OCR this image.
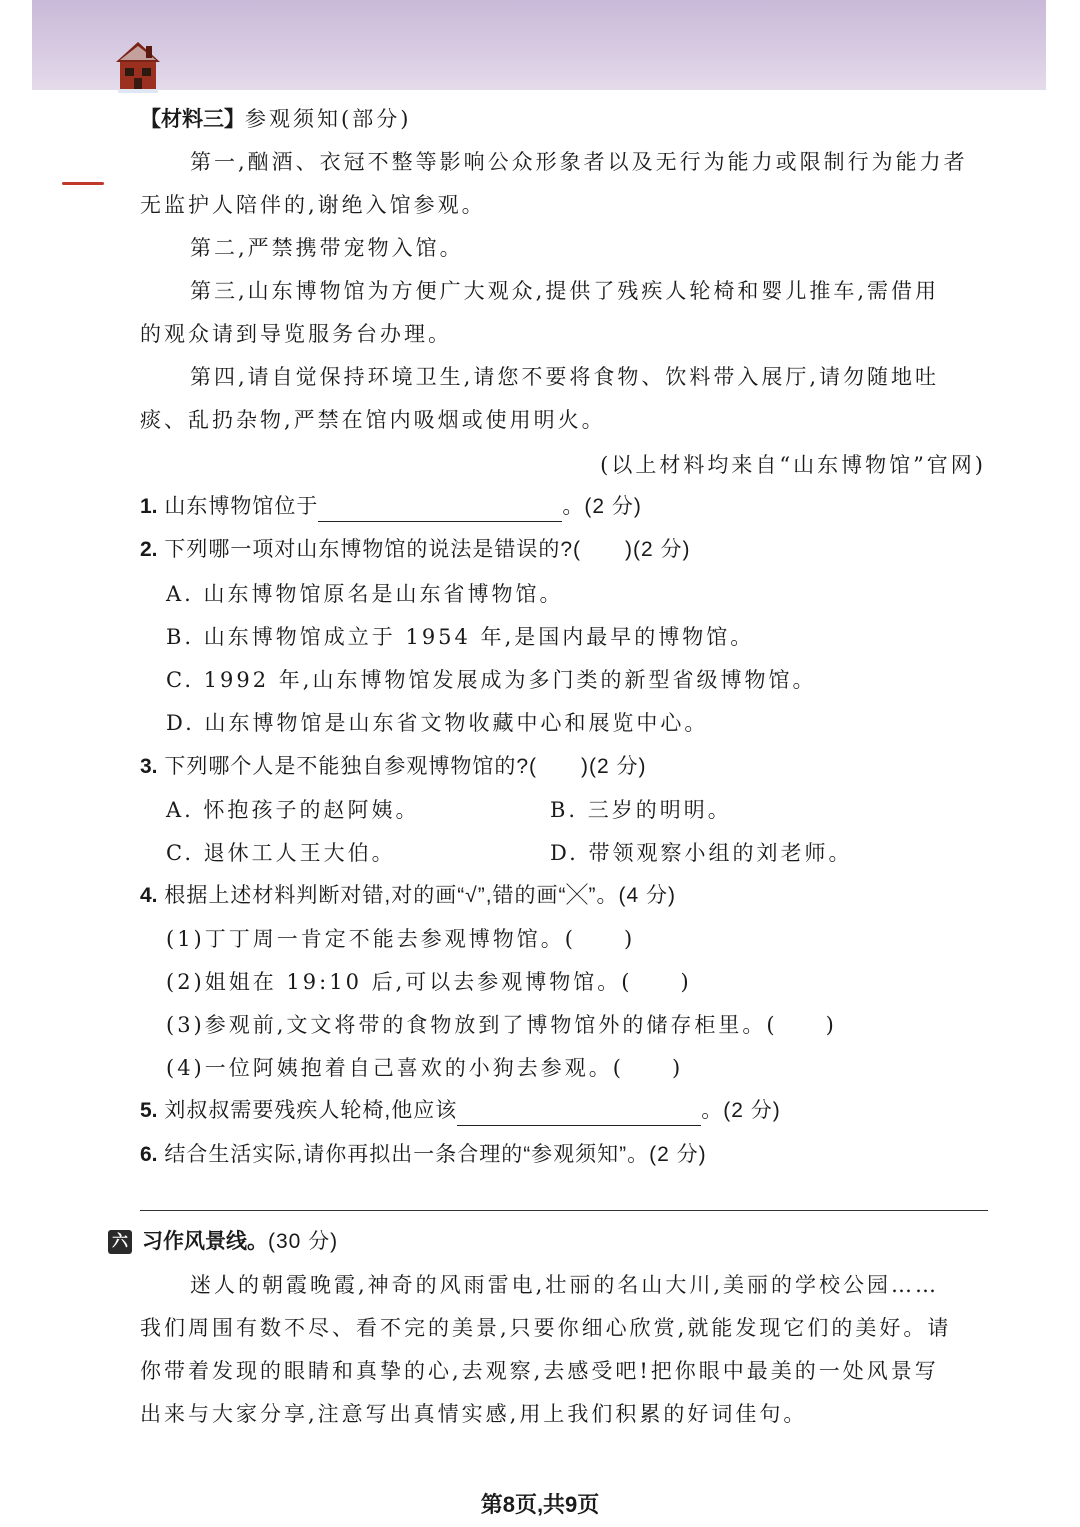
【材料三】参观须知(部分)
第一,酗酒、衣冠不整等影响公众形象者以及无行为能力或限制行为能力者
无监护人陪伴的,谢绝入馆参观。
第二,严禁携带宠物入馆。
第三,山东博物馆为方便广大观众,提供了残疾人轮椅和婴儿推车,需借用
的观众请到导览服务台办理。
第四,请自觉保持环境卫生,请您不要将食物、饮料带入展厅,请勿随地吐
痰、乱扔杂物,严禁在馆内吸烟或使用明火。
(以上材料均来自“山东博物馆”官网)
1. 山东博物馆位于	。(2 分)
2. 下列哪一项对山东博物馆的说法是错误的?(　　)(2 分)
A. 山东博物馆原名是山东省博物馆。
B. 山东博物馆成立于 1954 年,是国内最早的博物馆。
C. 1992 年,山东博物馆发展成为多门类的新型省级博物馆。
D. 山东博物馆是山东省文物收藏中心和展览中心。
3. 下列哪个人是不能独自参观博物馆的?(　　)(2 分)
A. 怀抱孩子的赵阿姨。	B. 三岁的明明。
C. 退休工人王大伯。	D. 带领观察小组的刘老师。
4. 根据上述材料判断对错,对的画“√”,错的画“╳”。(4 分)
(1)丁丁周一肯定不能去参观博物馆。(　　)
(2)姐姐在 19:10 后,可以去参观博物馆。(　　)
(3)参观前,文文将带的食物放到了博物馆外的储存柜里。(　　)
(4)一位阿姨抱着自己喜欢的小狗去参观。(　　)
5. 刘叔叔需要残疾人轮椅,他应该	。(2 分)
6. 结合生活实际,请你再拟出一条合理的“参观须知”。(2 分)
六 习作风景线。(30 分)
迷人的朝霞晚霞,神奇的风雨雷电,壮丽的名山大川,美丽的学校公园……
我们周围有数不尽、看不完的美景,只要你细心欣赏,就能发现它们的美好。请
你带着发现的眼睛和真挚的心,去观察,去感受吧!把你眼中最美的一处风景写
出来与大家分享,注意写出真情实感,用上我们积累的好词佳句。
第8页,共9页
